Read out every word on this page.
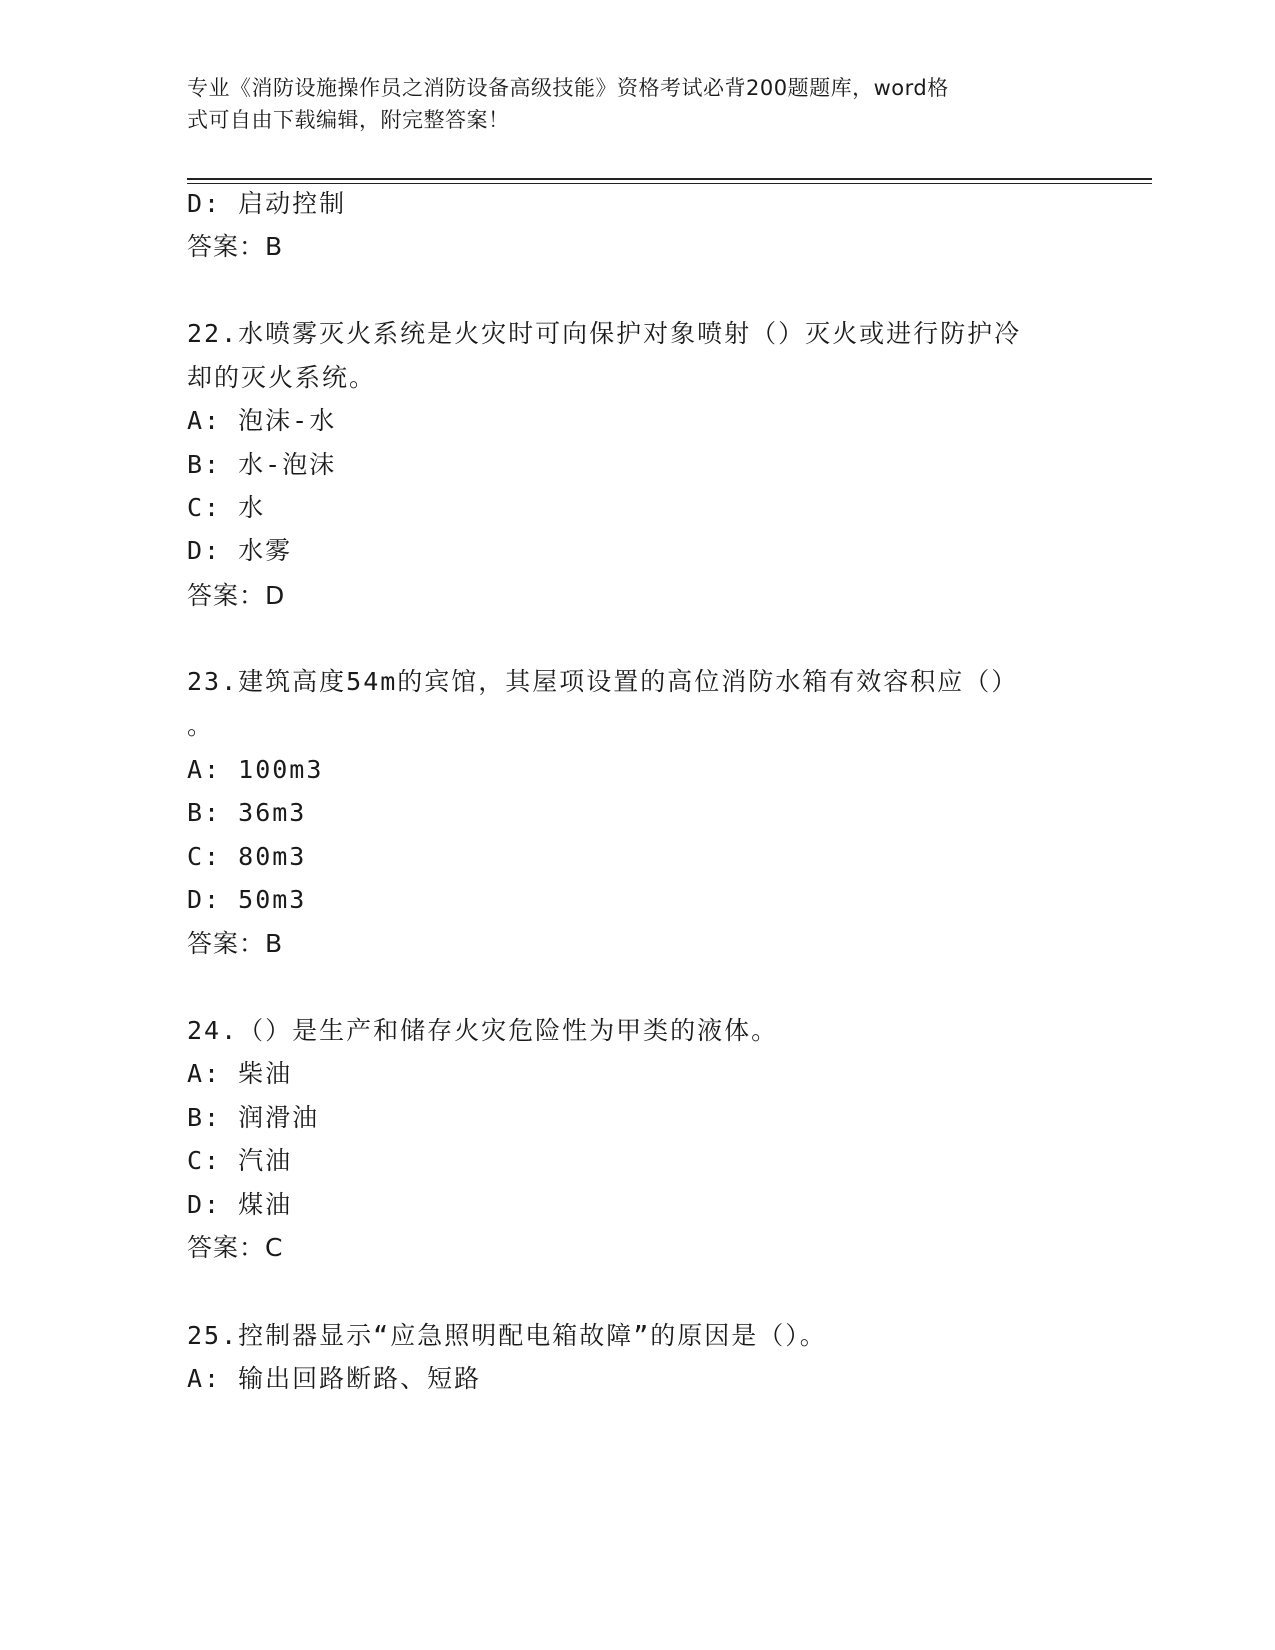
专业《消防设施操作员之消防设备高级技能》资格考试必背200题题库，word格
式可自由下载编辑，附完整答案！
D: 启动控制
答案：B
22.水喷雾灭火系统是火灾时可向保护对象喷射（）灭火或进行防护冷
却的灭火系统。
A: 泡沫-水
B: 水-泡沫
C: 水
D: 水雾
答案：D
23.建筑高度54m的宾馆，其屋项设置的高位消防水箱有效容积应（）
。
A: 100m3
B: 36m3
C: 80m3
D: 50m3
答案：B
24.（）是生产和储存火灾危险性为甲类的液体。
A: 柴油
B: 润滑油
C: 汽油
D: 煤油
答案：C
25.控制器显示“应急照明配电箱故障”的原因是（）。
A: 输出回路断路、短路
